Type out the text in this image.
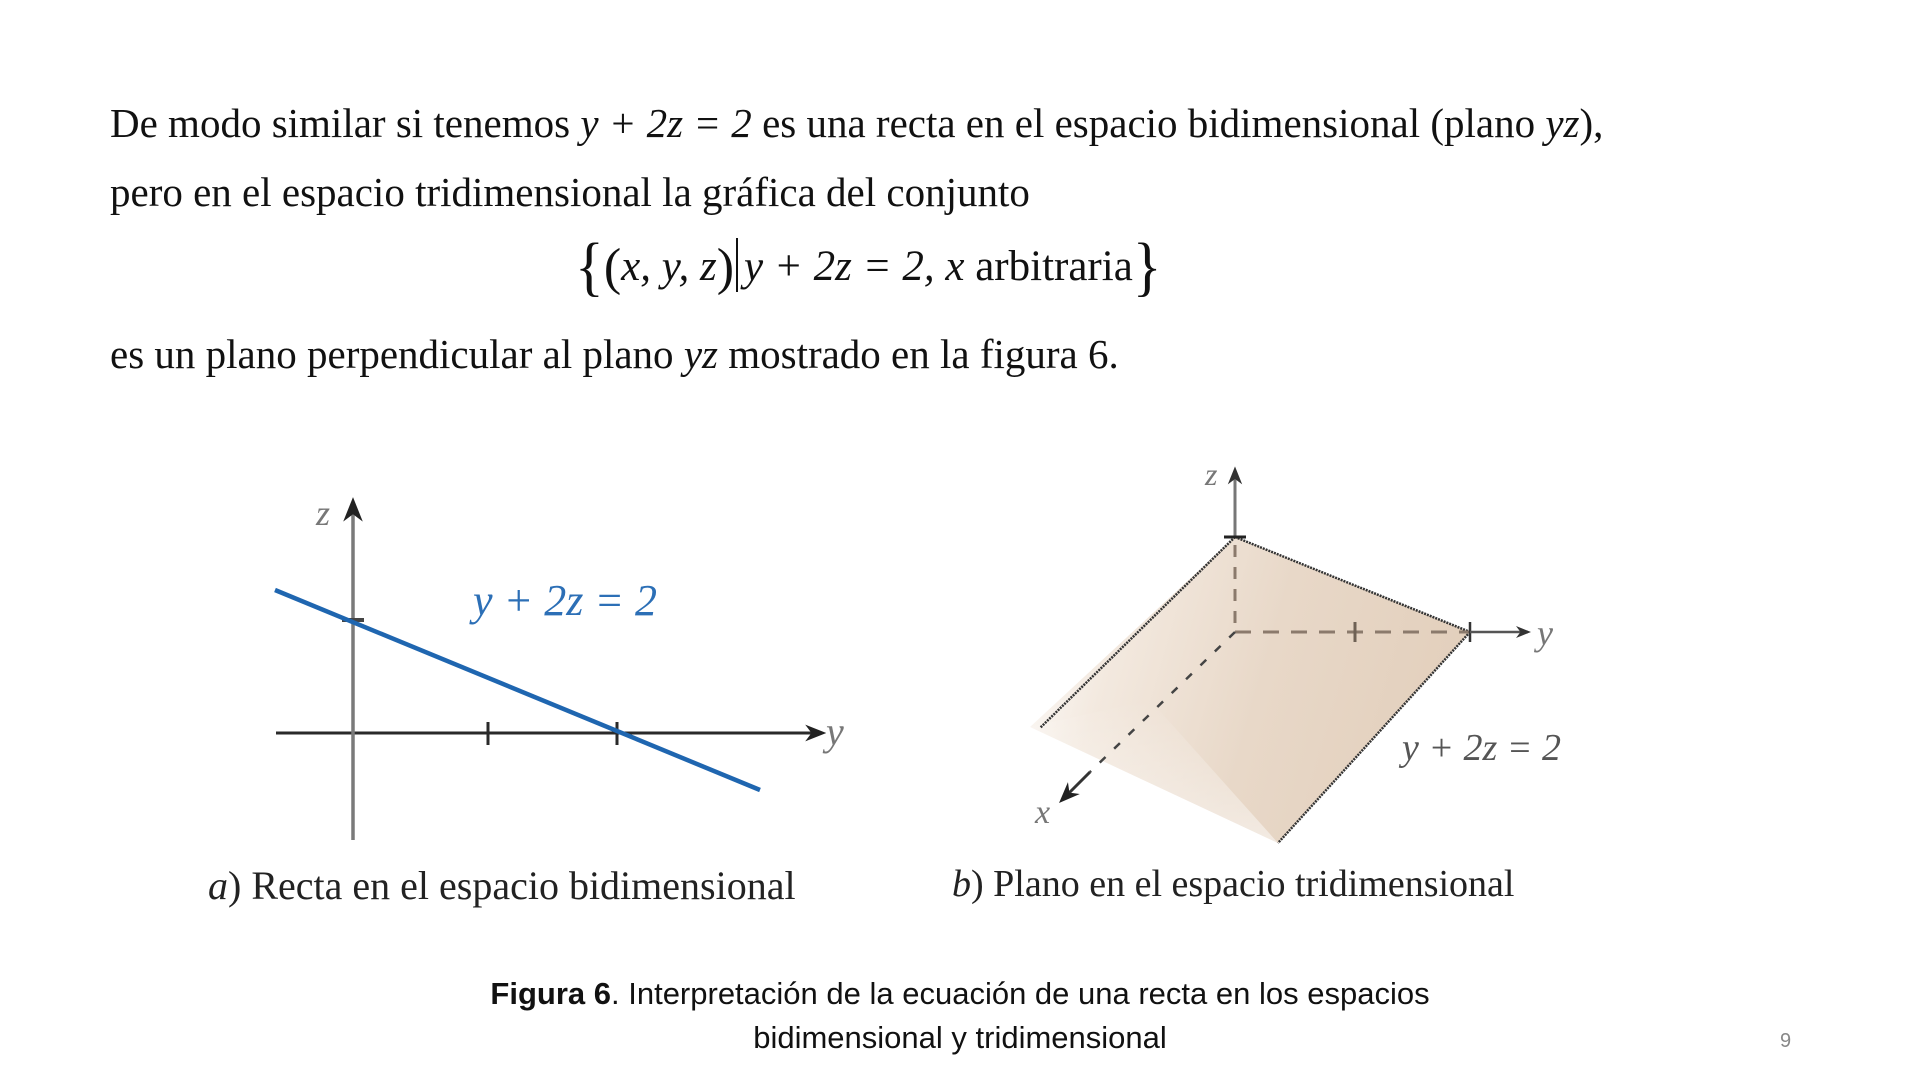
De modo similar si tenemos y + 2z = 2 es una recta en el espacio bidimensional (plano yz),
pero en el espacio tridimensional la gráfica del conjunto
{(x, y, z) y + 2z = 2, x arbitraria}
es un plano perpendicular al plano yz mostrado en la figura 6.
z
y
y + 2z = 2
z
y
x
y + 2z = 2
a) Recta en el espacio bidimensional	b) Plano en el espacio tridimensional
Figura 6. Interpretación de la ecuación de una recta en los espacios
bidimensional y tridimensional	9
